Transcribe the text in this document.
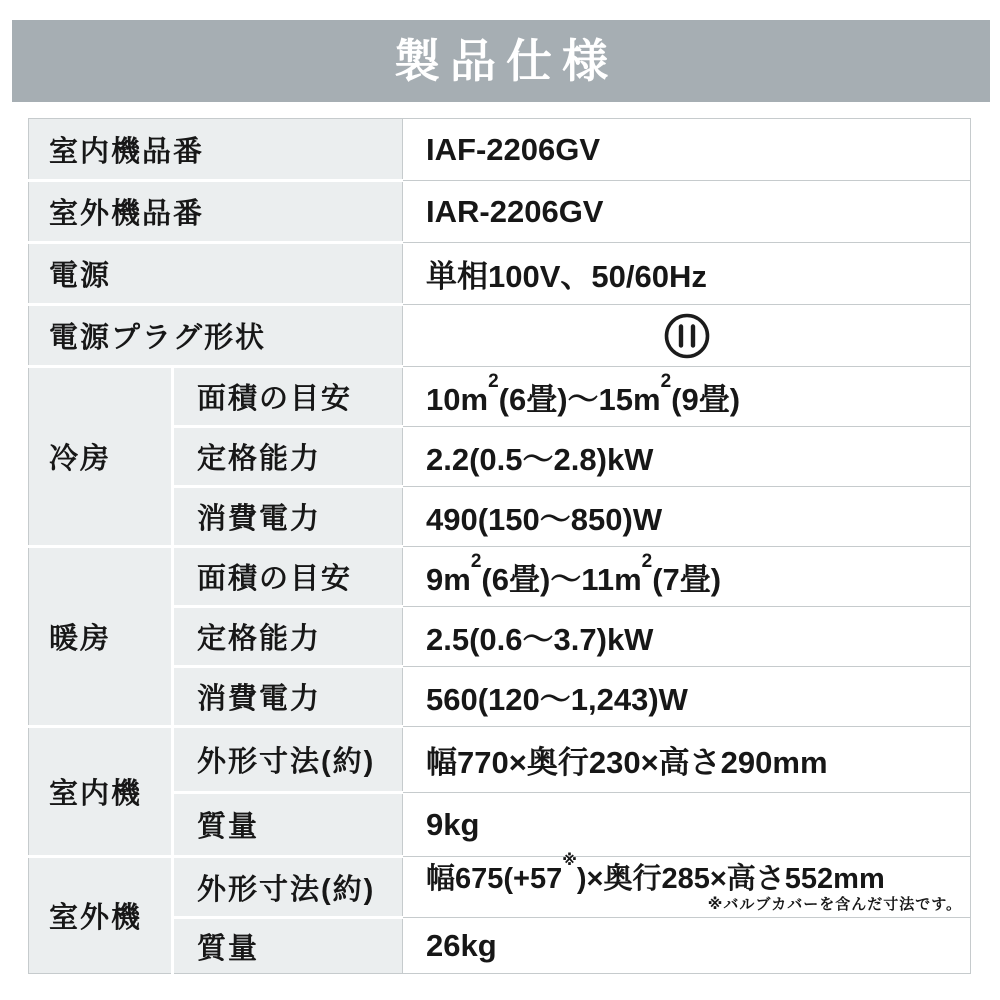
製品仕様
室内機品番		IAF-2206GV
室外機品番		IAR-2206GV
電源		単相100V、50/60Hz
電源プラグ形状	
冷房	面積の目安	$10m^2(6$畳)〜$15m^2(9$畳)
	定格能力	2.2(0.5〜2.8)kW
	消費電力	490(150〜850)W
暖房	面積の目安	$9m^2(6$畳)〜$11m^2(7$畳)
	定格能力	2.5(0.6〜3.7)kW
	消費電力	560(120〜1,243)W
室内機	外形寸法(約)	幅770×奥行230×高さ290mm
	質量	9kg
室外機	外形寸法(約)	幅675(+57※)×奥行285×高さ552mm
※バルブカバーを含んだ寸法です。

	質量	26kg
